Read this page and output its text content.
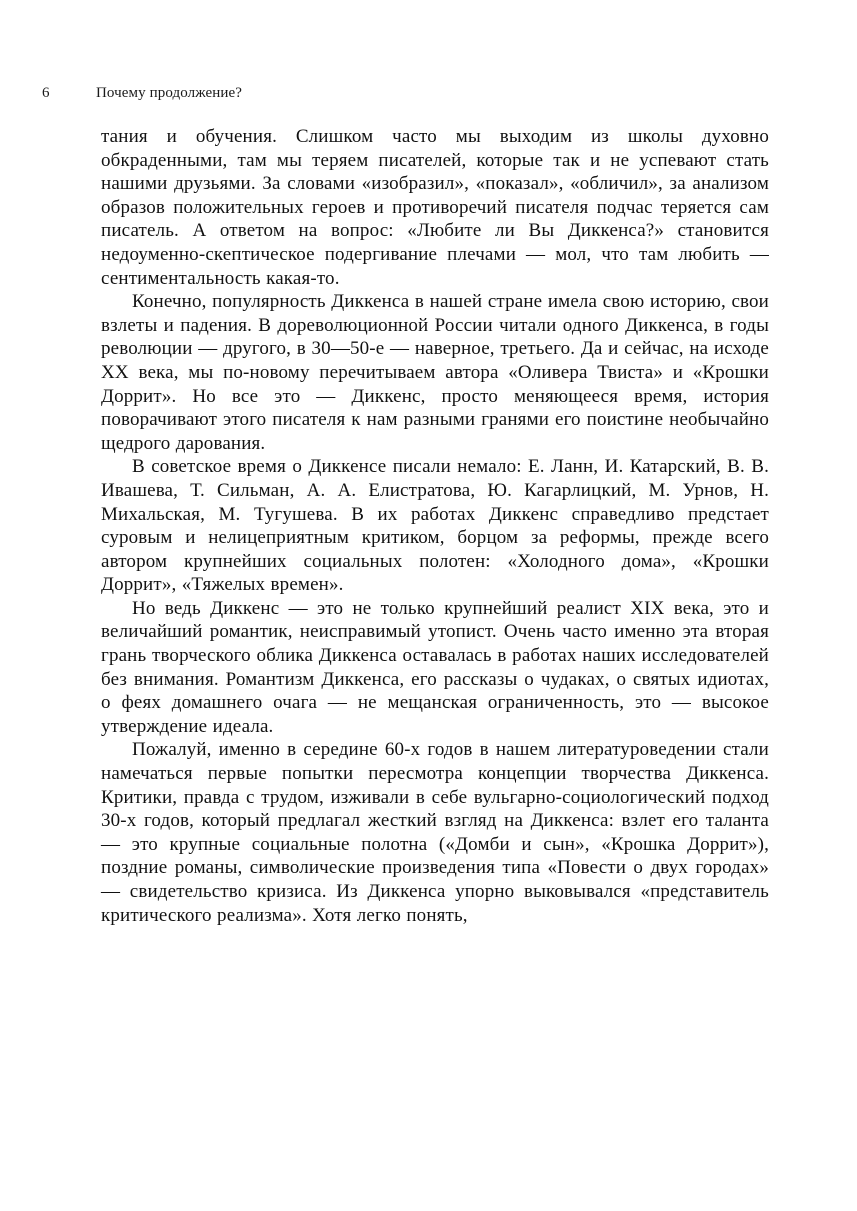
6	Почему продолжение?

тания и обучения. Слишком часто мы выходим из школы духовно обкраденными, там мы теряем писателей, которые так и не успевают стать нашими друзьями. За словами «изобразил», «показал», «обличил», за анализом образов положительных героев и противоречий писателя подчас теряется сам писатель. А ответом на вопрос: «Любите ли Вы Диккенса?» становится недоуменно-скептическое подергивание плечами — мол, что там любить — сентиментальность какая-то.

Конечно, популярность Диккенса в нашей стране имела свою историю, свои взлеты и падения. В дореволюционной России читали одного Диккенса, в годы революции — другого, в 30—50-е — наверное, третьего. Да и сейчас, на исходе XX века, мы по-новому перечитываем автора «Оливера Твиста» и «Крошки Доррит». Но все это — Диккенс, просто меняющееся время, история поворачивают этого писателя к нам разными гранями его поистине необычайно щедрого дарования.

В советское время о Диккенсе писали немало: Е. Ланн, И. Катарский, В. В. Ивашева, Т. Сильман, А. А. Елистратова, Ю. Кагарлицкий, М. Урнов, Н. Михальская, М. Тугушева. В их работах Диккенс справедливо предстает суровым и нелицеприятным критиком, борцом за реформы, прежде всего автором крупнейших социальных полотен: «Холодного дома», «Крошки Доррит», «Тяжелых времен».

Но ведь Диккенс — это не только крупнейший реалист XIX века, это и величайший романтик, неисправимый утопист. Очень часто именно эта вторая грань творческого облика Диккенса оставалась в работах наших исследователей без внимания. Романтизм Диккенса, его рассказы о чудаках, о святых идиотах, о феях домашнего очага — не мещанская ограниченность, это — высокое утверждение идеала.

Пожалуй, именно в середине 60-х годов в нашем литературоведении стали намечаться первые попытки пересмотра концепции творчества Диккенса. Критики, правда с трудом, изживали в себе вульгарно-социологический подход 30-х годов, который предлагал жесткий взгляд на Диккенса: взлет его таланта — это крупные социальные полотна («Домби и сын», «Крошка Доррит»), поздние романы, символические произведения типа «Повести о двух городах» — свидетельство кризиса. Из Диккенса упорно выковывался «представитель критического реализма». Хотя легко понять,
